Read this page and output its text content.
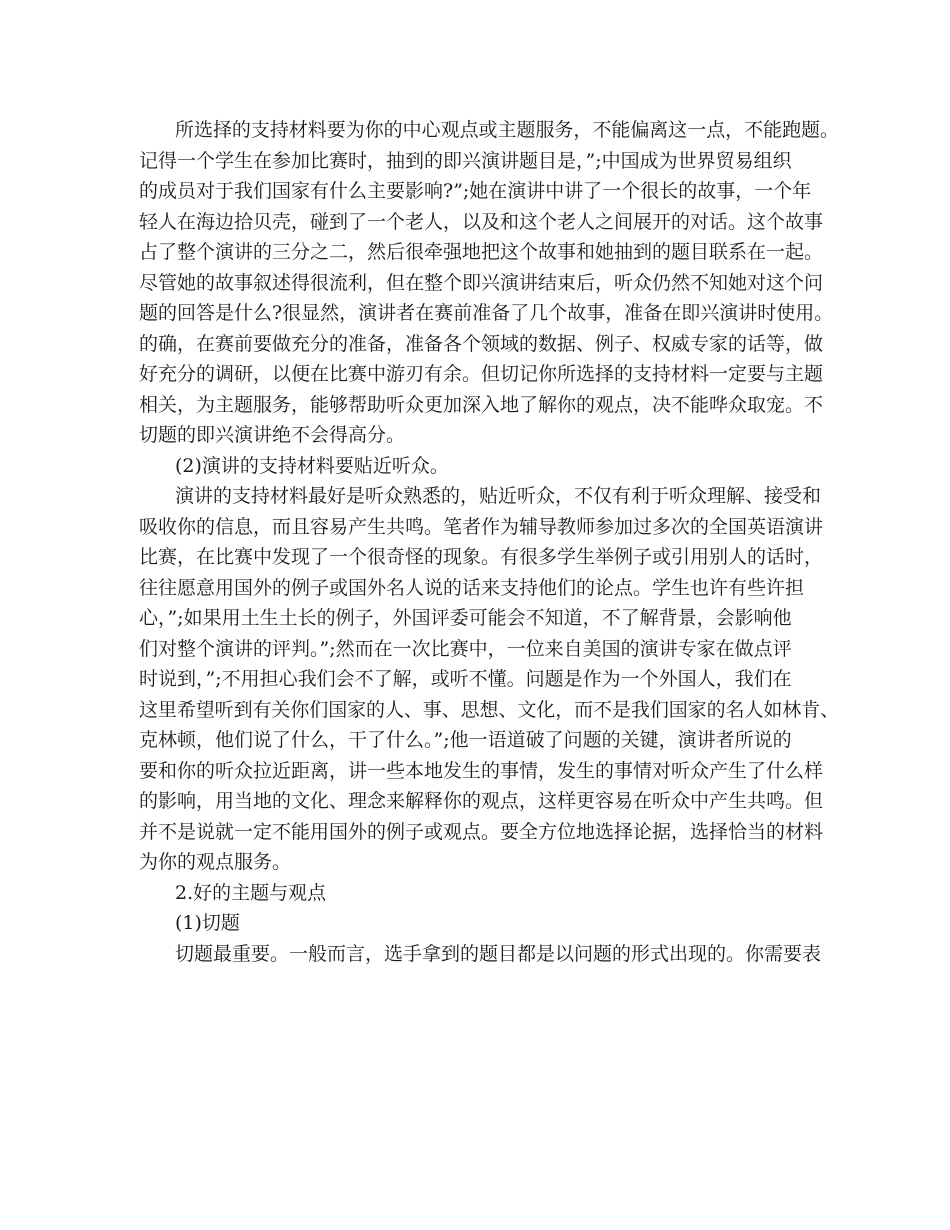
所选择的支持材料要为你的中心观点或主题服务，不能偏离这一点，不能跑题。
记得一个学生在参加比赛时，抽到的即兴演讲题目是，”;中国成为世界贸易组织
的成员对于我们国家有什么主要影响?”;她在演讲中讲了一个很长的故事，一个年
轻人在海边拾贝壳，碰到了一个老人，以及和这个老人之间展开的对话。这个故事
占了整个演讲的三分之二，然后很牵强地把这个故事和她抽到的题目联系在一起。
尽管她的故事叙述得很流利，但在整个即兴演讲结束后，听众仍然不知她对这个问
题的回答是什么?很显然，演讲者在赛前准备了几个故事，准备在即兴演讲时使用。
的确，在赛前要做充分的准备，准备各个领域的数据、例子、权威专家的话等，做
好充分的调研，以便在比赛中游刃有余。但切记你所选择的支持材料一定要与主题
相关，为主题服务，能够帮助听众更加深入地了解你的观点，决不能哗众取宠。不
切题的即兴演讲绝不会得高分。
(2)演讲的支持材料要贴近听众。
演讲的支持材料最好是听众熟悉的，贴近听众，不仅有利于听众理解、接受和
吸收你的信息，而且容易产生共鸣。笔者作为辅导教师参加过多次的全国英语演讲
比赛，在比赛中发现了一个很奇怪的现象。有很多学生举例子或引用别人的话时，
往往愿意用国外的例子或国外名人说的话来支持他们的论点。学生也许有些许担
心，”;如果用土生土长的例子，外国评委可能会不知道，不了解背景，会影响他
们对整个演讲的评判。”;然而在一次比赛中，一位来自美国的演讲专家在做点评
时说到，”;不用担心我们会不了解，或听不懂。问题是作为一个外国人，我们在
这里希望听到有关你们国家的人、事、思想、文化，而不是我们国家的名人如林肯、
克林顿，他们说了什么，干了什么。”;他一语道破了问题的关键，演讲者所说的
要和你的听众拉近距离，讲一些本地发生的事情，发生的事情对听众产生了什么样
的影响，用当地的文化、理念来解释你的观点，这样更容易在听众中产生共鸣。但
并不是说就一定不能用国外的例子或观点。要全方位地选择论据，选择恰当的材料
为你的观点服务。
2.好的主题与观点
(1)切题
切题最重要。一般而言，选手拿到的题目都是以问题的形式出现的。你需要表
